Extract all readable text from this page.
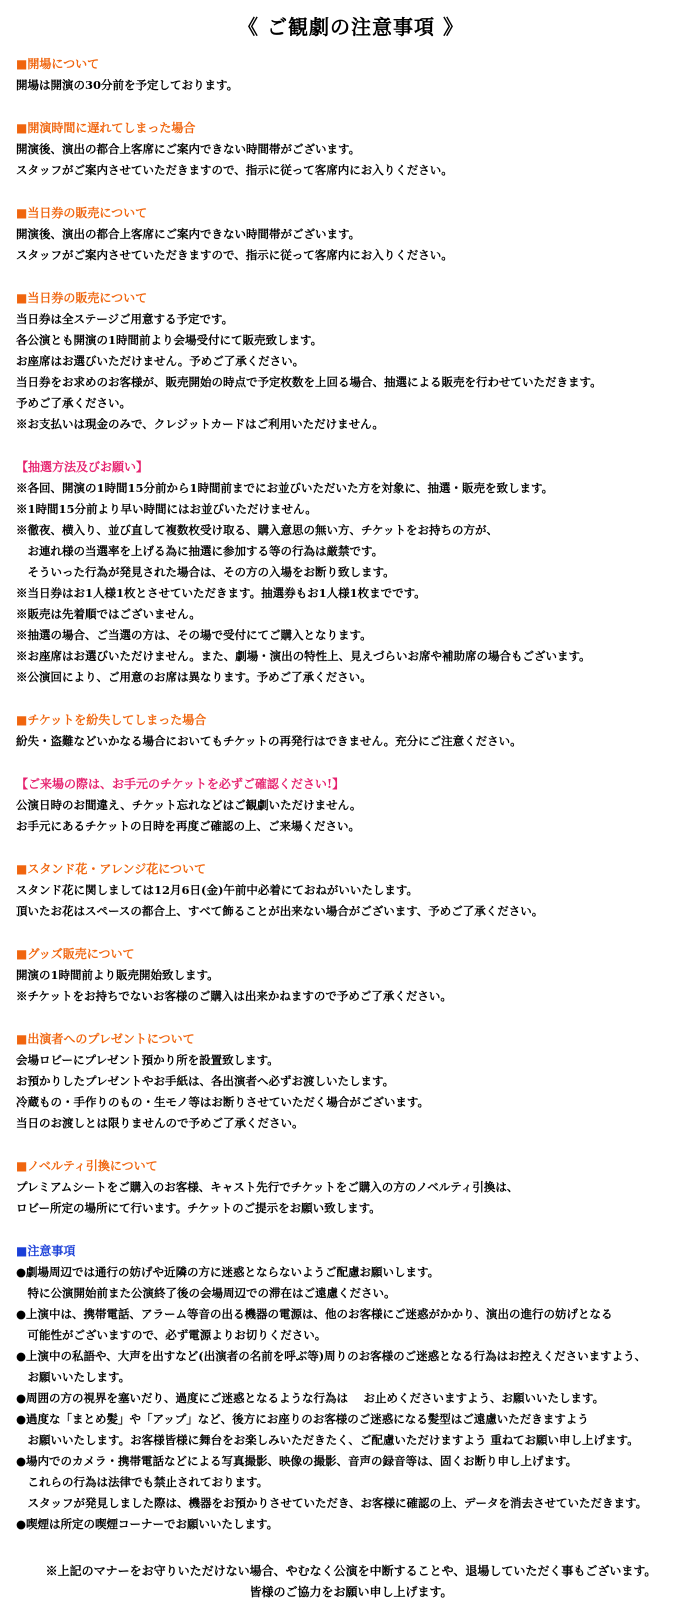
《 ご観劇の注意事項 》
■開場について
開場は開演の30分前を予定しております。
■開演時間に遅れてしまった場合
開演後、演出の都合上客席にご案内できない時間帯がございます。
スタッフがご案内させていただきますので、指示に従って客席内にお入りください。
■当日券の販売について
開演後、演出の都合上客席にご案内できない時間帯がございます。
スタッフがご案内させていただきますので、指示に従って客席内にお入りください。
■当日券の販売について
当日券は全ステージご用意する予定です。
各公演とも開演の1時間前より会場受付にて販売致します。
お座席はお選びいただけません。予めご了承ください。
当日券をお求めのお客様が、販売開始の時点で予定枚数を上回る場合、抽選による販売を行わせていただきます。
予めご了承ください。
※お支払いは現金のみで、クレジットカードはご利用いただけません。
【抽選方法及びお願い】
※各回、開演の1時間15分前から1時間前までにお並びいただいた方を対象に、抽選・販売を致します。
※1時間15分前より早い時間にはお並びいただけません。
※徹夜、横入り、並び直して複数枚受け取る、購入意思の無い方、チケットをお持ちの方が、
　お連れ様の当選率を上げる為に抽選に参加する等の行為は厳禁です。
　そういった行為が発見された場合は、その方の入場をお断り致します。
※当日券はお1人様1枚とさせていただきます。抽選券もお1人様1枚までです。
※販売は先着順ではございません。
※抽選の場合、ご当選の方は、その場で受付にてご購入となります。
※お座席はお選びいただけません。また、劇場・演出の特性上、見えづらいお席や補助席の場合もございます。
※公演回により、ご用意のお席は異なります。予めご了承ください。
■チケットを紛失してしまった場合
紛失・盗難などいかなる場合においてもチケットの再発行はできません。充分にご注意ください。
【ご来場の際は、お手元のチケットを必ずご確認ください!】
公演日時のお間違え、チケット忘れなどはご観劇いただけません。
お手元にあるチケットの日時を再度ご確認の上、ご来場ください。
■スタンド花・アレンジ花について
スタンド花に関しましては12月6日(金)午前中必着にておねがいいたします。
頂いたお花はスペースの都合上、すべて飾ることが出来ない場合がございます、予めご了承ください。
■グッズ販売について
開演の1時間前より販売開始致します。
※チケットをお持ちでないお客様のご購入は出来かねますので予めご了承ください。
■出演者へのプレゼントについて
会場ロビーにプレゼント預かり所を設置致します。
お預かりしたプレゼントやお手紙は、各出演者へ必ずお渡しいたします。
冷蔵もの・手作りのもの・生モノ等はお断りさせていただく場合がございます。
当日のお渡しとは限りませんので予めご了承ください。
■ノベルティ引換について
プレミアムシートをご購入のお客様、キャスト先行でチケットをご購入の方のノベルティ引換は、
ロビー所定の場所にて行います。チケットのご提示をお願い致します。
■注意事項
●劇場周辺では通行の妨げや近隣の方に迷惑とならないようご配慮お願いします。
　特に公演開始前また公演終了後の会場周辺での滞在はご遠慮ください。
●上演中は、携帯電話、アラーム等音の出る機器の電源は、他のお客様にご迷惑がかかり、演出の進行の妨げとなる
　可能性がございますので、必ず電源よりお切りください。
●上演中の私語や、大声を出すなど(出演者の名前を呼ぶ等)周りのお客様のご迷惑となる行為はお控えくださいますよう、
　お願いいたします。
●周囲の方の視界を塞いだり、過度にご迷惑となるような行為は　 お止めくださいますよう、お願いいたします。
●過度な「まとめ髪」や「アップ」など、後方にお座りのお客様のご迷惑になる髪型はご遠慮いただきますよう
　お願いいたします。お客様皆様に舞台をお楽しみいただきたく、ご配慮いただけますよう 重ねてお願い申し上げます。
●場内でのカメラ・携帯電話などによる写真撮影、映像の撮影、音声の録音等は、固くお断り申し上げます。
　これらの行為は法律でも禁止されております。
　スタッフが発見しました際は、機器をお預かりさせていただき、お客様に確認の上、データを消去させていただきます。
●喫煙は所定の喫煙コーナーでお願いいたします。
※上記のマナーをお守りいただけない場合、やむなく公演を中断することや、退場していただく事もございます。
皆様のご協力をお願い申し上げます。
